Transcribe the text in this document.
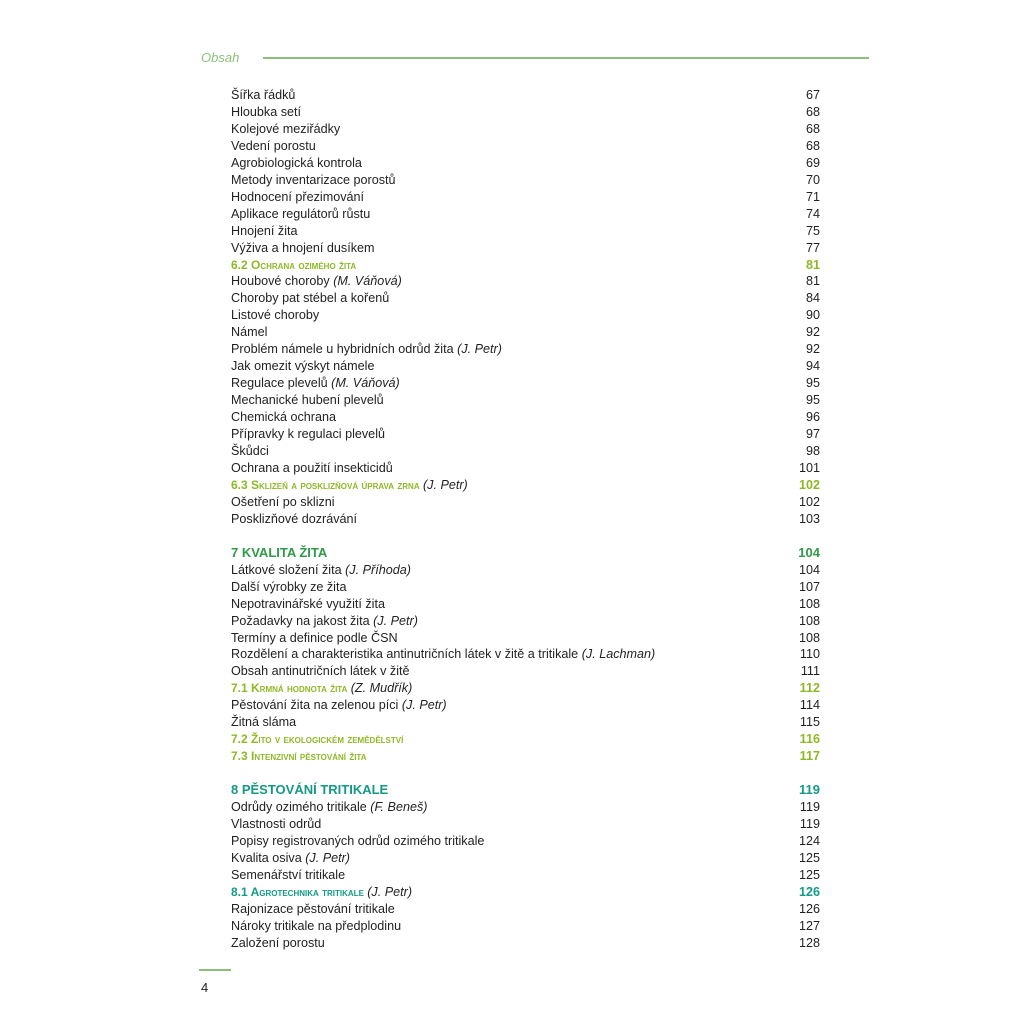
Obsah
Šířka řádků	67
Hloubka setí	68
Kolejové meziřádky	68
Vedení porostu	68
Agrobiologická kontrola	69
Metody inventarizace porostů	70
Hodnocení přezimování	71
Aplikace regulátorů růstu	74
Hnojení žita	75
Výživa a hnojení dusíkem	77
6.2 Ochrana ozimého žita	81
Houbové choroby (M. Váňová)	81
Choroby pat stébel a kořenů	84
Listové choroby	90
Námel	92
Problém námele u hybridních odrůd žita (J. Petr)	92
Jak omezit výskyt námele	94
Regulace plevelů (M. Váňová)	95
Mechanické hubení plevelů	95
Chemická ochrana	96
Přípravky k regulaci plevelů	97
Škůdci	98
Ochrana a použití insekticidů	101
6.3 Sklizeň a posklizňová úprava zrna (J. Petr)	102
Ošetření po sklizni	102
Posklizňové dozrávání	103
7 KVALITA ŽITA	104
Látkové složení žita (J. Příhoda)	104
Další výrobky ze žita	107
Nepotravinářské využití žita	108
Požadavky na jakost žita (J. Petr)	108
Termíny a definice podle ČSN	108
Rozdělení a charakteristika antinutričních látek v žitě a tritikale (J. Lachman)	110
Obsah antinutričních látek v žitě	111
7.1 Krmná hodnota žita (Z. Mudřík)	112
Pěstování žita na zelenou píci (J. Petr)	114
Žitná sláma	115
7.2 Žito v ekologickém zemědělství	116
7.3 Intenzivní pěstování žita	117
8 PĚSTOVÁNÍ TRITIKALE	119
Odrůdy ozimého tritikale (F. Beneš)	119
Vlastnosti odrůd	119
Popisy registrovaných odrůd ozimého tritikale	124
Kvalita osiva (J. Petr)	125
Semenářství tritikale	125
8.1 Agrotechnika tritikale (J. Petr)	126
Rajonizace pěstování tritikale	126
Nároky tritikale na předplodinu	127
Založení porostu	128
4
